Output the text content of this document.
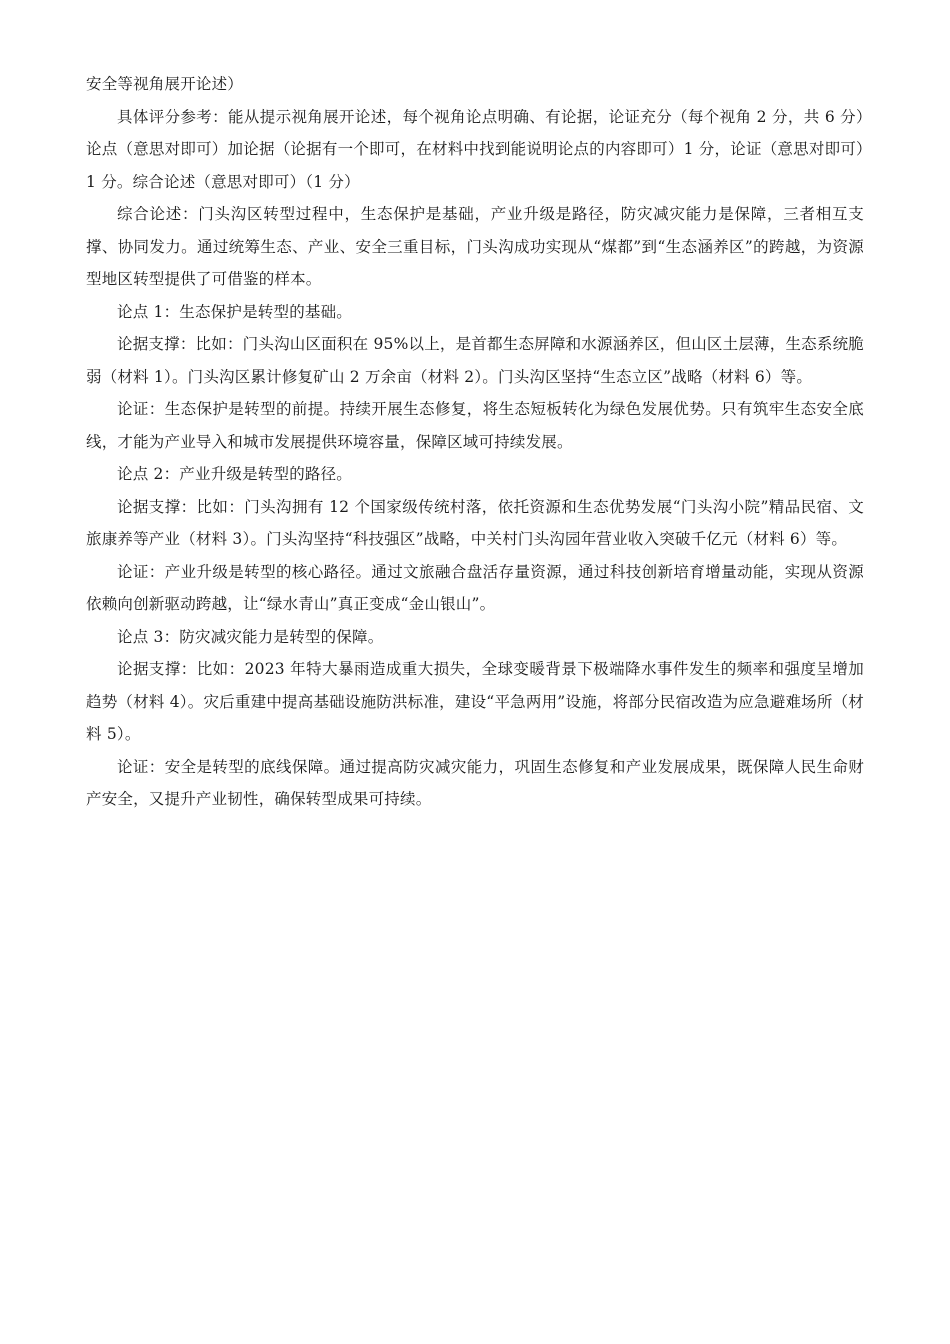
安全等视角展开论述）

具体评分参考：能从提示视角展开论述，每个视角论点明确、有论据，论证充分（每个视角 2 分，共 6 分）论点（意思对即可）加论据（论据有一个即可，在材料中找到能说明论点的内容即可）1 分，论证（意思对即可）1 分。综合论述（意思对即可）（1 分）

综合论述：门头沟区转型过程中，生态保护是基础，产业升级是路径，防灾减灾能力是保障，三者相互支撑、协同发力。通过统筹生态、产业、安全三重目标，门头沟成功实现从“煤都”到“生态涵养区”的跨越，为资源型地区转型提供了可借鉴的样本。

论点 1：生态保护是转型的基础。

论据支撑：比如：门头沟山区面积在 95%以上，是首都生态屏障和水源涵养区，但山区土层薄，生态系统脆弱（材料 1）。门头沟区累计修复矿山 2 万余亩（材料 2）。门头沟区坚持“生态立区”战略（材料 6）等。

论证：生态保护是转型的前提。持续开展生态修复，将生态短板转化为绿色发展优势。只有筑牢生态安全底线，才能为产业导入和城市发展提供环境容量，保障区域可持续发展。

论点 2：产业升级是转型的路径。

论据支撑：比如：门头沟拥有 12 个国家级传统村落，依托资源和生态优势发展“门头沟小院”精品民宿、文旅康养等产业（材料 3）。门头沟坚持“科技强区”战略，中关村门头沟园年营业收入突破千亿元（材料 6）等。

论证：产业升级是转型的核心路径。通过文旅融合盘活存量资源，通过科技创新培育增量动能，实现从资源依赖向创新驱动跨越，让“绿水青山”真正变成“金山银山”。

论点 3：防灾减灾能力是转型的保障。

论据支撑：比如：2023 年特大暴雨造成重大损失，全球变暖背景下极端降水事件发生的频率和强度呈增加趋势（材料 4）。灾后重建中提高基础设施防洪标准，建设“平急两用”设施，将部分民宿改造为应急避难场所（材料 5）。

论证：安全是转型的底线保障。通过提高防灾减灾能力，巩固生态修复和产业发展成果，既保障人民生命财产安全，又提升产业韧性，确保转型成果可持续。
